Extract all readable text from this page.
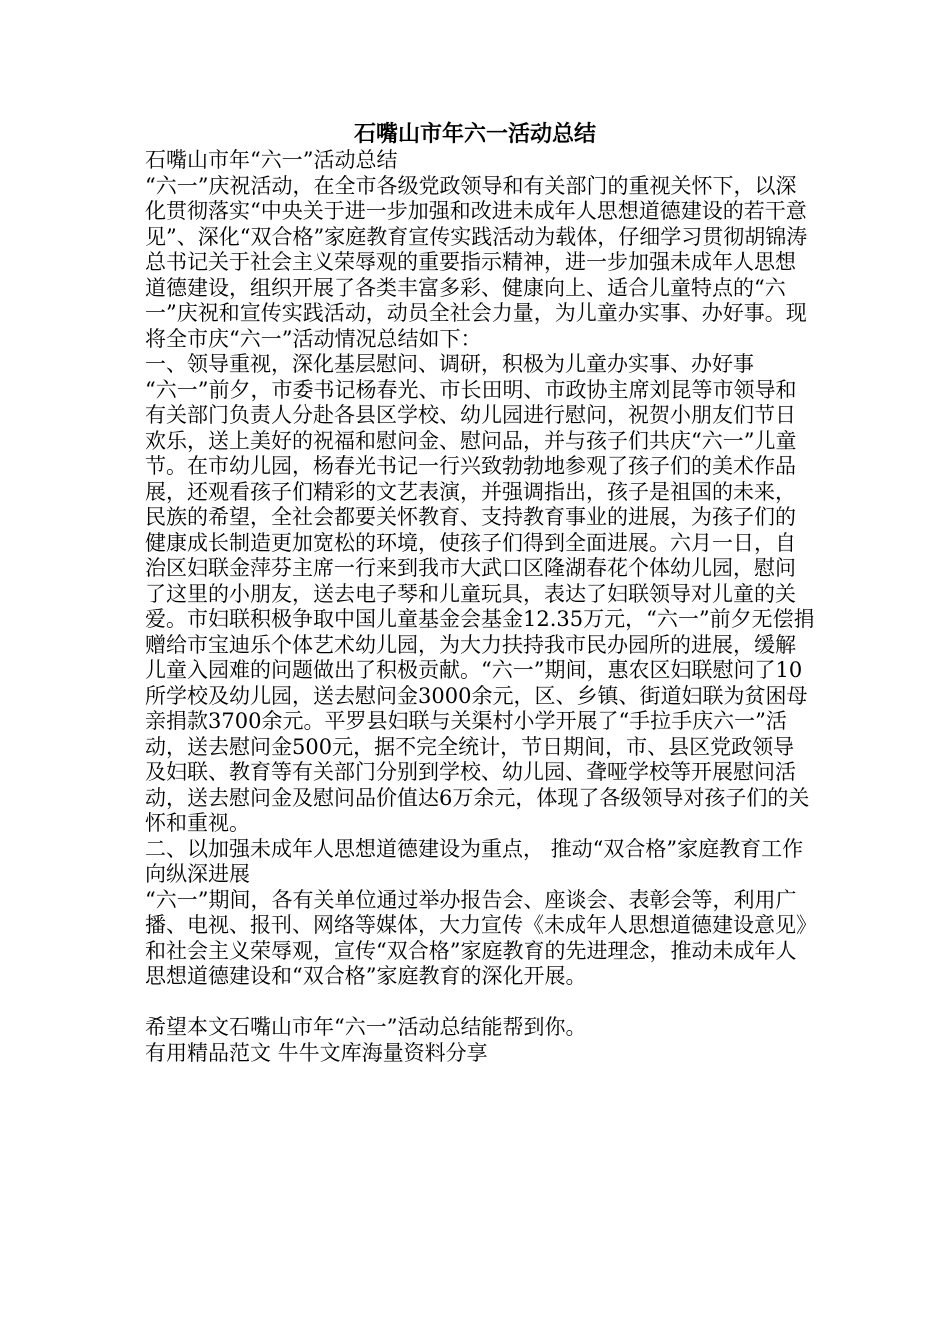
石嘴山市年六一活动总结

石嘴山市年“六一”活动总结

“六一”庆祝活动，在全市各级党政领导和有关部门的重视关怀下，以深化贯彻落实“中央关于进一步加强和改进未成年人思想道德建设的若干意见”、深化“双合格”家庭教育宣传实践活动为载体，仔细学习贯彻胡锦涛总书记关于社会主义荣辱观的重要指示精神，进一步加强未成年人思想道德建设，组织开展了各类丰富多彩、健康向上、适合儿童特点的“六一”庆祝和宣传实践活动，动员全社会力量，为儿童办实事、办好事。现将全市庆“六一”活动情况总结如下：

一、领导重视，深化基层慰问、调研，积极为儿童办实事、办好事

“六一”前夕，市委书记杨春光、市长田明、市政协主席刘昆等市领导和有关部门负责人分赴各县区学校、幼儿园进行慰问，祝贺小朋友们节日欢乐，送上美好的祝福和慰问金、慰问品，并与孩子们共庆“六一”儿童节。在市幼儿园，杨春光书记一行兴致勃勃地参观了孩子们的美术作品展，还观看孩子们精彩的文艺表演，并强调指出，孩子是祖国的未来，民族的希望，全社会都要关怀教育、支持教育事业的进展，为孩子们的健康成长制造更加宽松的环境，使孩子们得到全面进展。六月一日，自治区妇联金萍芬主席一行来到我市大武口区隆湖春花个体幼儿园，慰问了这里的小朋友，送去电子琴和儿童玩具，表达了妇联领导对儿童的关爱。市妇联积极争取中国儿童基金会基金12.35万元，“六一”前夕无偿捐赠给市宝迪乐个体艺术幼儿园，为大力扶持我市民办园所的进展，缓解儿童入园难的问题做出了积极贡献。“六一”期间，惠农区妇联慰问了10所学校及幼儿园，送去慰问金3000余元，区、乡镇、街道妇联为贫困母亲捐款3700余元。平罗县妇联与关渠村小学开展了“手拉手庆六一”活动，送去慰问金500元，据不完全统计，节日期间，市、县区党政领导及妇联、教育等有关部门分别到学校、幼儿园、聋哑学校等开展慰问活动，送去慰问金及慰问品价值达6万余元，体现了各级领导对孩子们的关怀和重视。

二、以加强未成年人思想道德建设为重点， 推动“双合格”家庭教育工作向纵深进展

“六一”期间，各有关单位通过举办报告会、座谈会、表彰会等，利用广播、电视、报刊、网络等媒体，大力宣传《未成年人思想道德建设意见》和社会主义荣辱观，宣传“双合格”家庭教育的先进理念，推动未成年人思想道德建设和“双合格”家庭教育的深化开展。

希望本文石嘴山市年“六一”活动总结能帮到你。

有用精品范文 牛牛文库海量资料分享
